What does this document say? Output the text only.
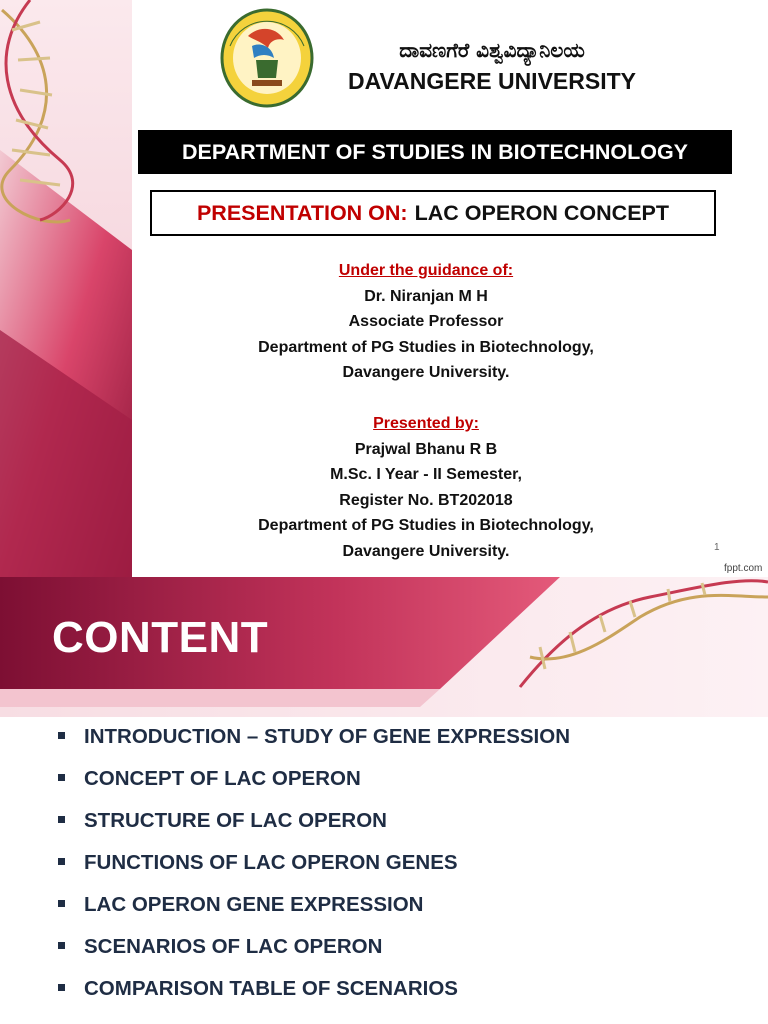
ದಾವಣಗೆರೆ ವಿಶ್ವವಿದ್ಯಾನಿಲಯ
DAVANGERE UNIVERSITY
DEPARTMENT OF STUDIES IN BIOTECHNOLOGY
PRESENTATION ON: LAC OPERON CONCEPT
Under the guidance of:
Dr. Niranjan M H
Associate Professor
Department of PG Studies in Biotechnology,
Davangere University.
Presented by:
Prajwal Bhanu R B
M.Sc. I Year - II Semester,
Register No. BT202018
Department of PG Studies in Biotechnology,
Davangere University.	1
fppt.com
CONTENT
INTRODUCTION – STUDY OF GENE EXPRESSION
CONCEPT OF LAC OPERON
STRUCTURE OF LAC OPERON
FUNCTIONS OF LAC OPERON GENES
LAC OPERON GENE EXPRESSION
SCENARIOS OF LAC OPERON
COMPARISON TABLE OF SCENARIOS
